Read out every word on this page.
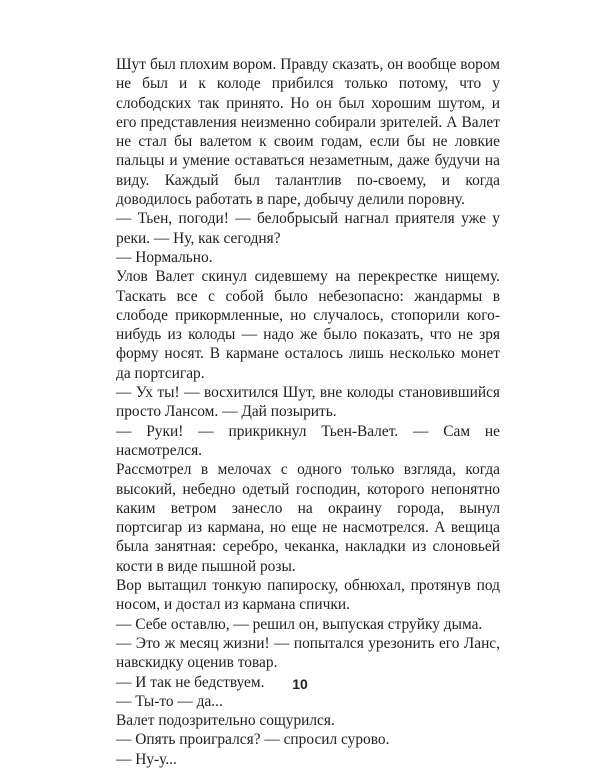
Шут был плохим вором. Правду сказать, он вообще вором не был и к колоде прибился только потому, что у слободских так принято. Но он был хорошим шутом, и его представления неизменно собирали зрителей. А Валет не стал бы валетом к своим годам, если бы не ловкие пальцы и умение оставаться незаметным, даже будучи на виду. Каждый был талантлив по-своему, и когда доводилось работать в паре, добычу делили поровну.

— Тьен, погоди! — белобрысый нагнал приятеля уже у реки. — Ну, как сегодня?

— Нормально.

Улов Валет скинул сидевшему на перекрестке нищему. Таскать все с собой было небезопасно: жандармы в слободе прикормленные, но случалось, стопорили кого-нибудь из колоды — надо же было показать, что не зря форму носят. В кармане осталось лишь несколько монет да портсигар.

— Ух ты! — восхитился Шут, вне колоды становившийся просто Лансом. — Дай позырить.

— Руки! — прикрикнул Тьен-Валет. — Сам не насмотрелся.

Рассмотрел в мелочах с одного только взгляда, когда высокий, небедно одетый господин, которого непонятно каким ветром занесло на окраину города, вынул портсигар из кармана, но еще не насмотрелся. А вещица была занятная: серебро, чеканка, накладки из слоновьей кости в виде пышной розы.

Вор вытащил тонкую папироску, обнюхал, протянув под носом, и достал из кармана спички.

— Себе оставлю, — решил он, выпуская струйку дыма.

— Это ж месяц жизни! — попытался урезонить его Ланс, навскидку оценив товар.

— И так не бедствуем.

— Ты-то — да...

Валет подозрительно сощурился.

— Опять проигрался? — спросил сурово.

— Ну-у...

10
